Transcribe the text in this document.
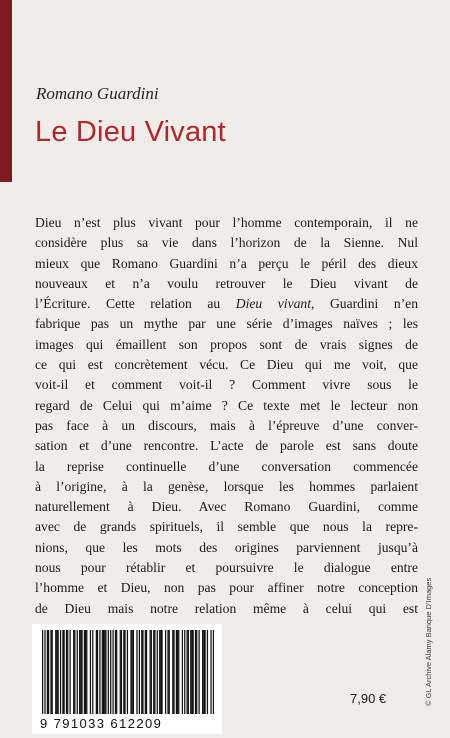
Romano Guardini

Le Dieu Vivant
Dieu n’est plus vivant pour l’homme contemporain, il ne
considère plus sa vie dans l’horizon de la Sienne. Nul
mieux que Romano Guardini n’a perçu le péril des dieux
nouveaux et n’a voulu retrouver le Dieu vivant de
l’Écriture. Cette relation au Dieu vivant, Guardini n’en
fabrique pas un mythe par une série d’images naïves ; les
images qui émaillent son propos sont de vrais signes de
ce qui est concrètement vécu. Ce Dieu qui me voit, que
voit-il et comment voit-il ? Comment vivre sous le
regard de Celui qui m’aime ? Ce texte met le lecteur non
pas face à un discours, mais à l’épreuve d’une conver-
sation et d’une rencontre. L’acte de parole est sans doute
la reprise continuelle d’une conversation commencée
à l’origine, à la genèse, lorsque les hommes parlaient
naturellement à Dieu. Avec Romano Guardini, comme
avec de grands spirituels, il semble que nous la repre-
nions, que les mots des origines parviennent jusqu’à
nous pour rétablir et poursuivre le dialogue entre
l’homme et Dieu, non pas pour affiner notre conception
de Dieu mais notre relation même à celui qui est
9 791033 612209
7,90 €	© GL Archive Alamy Banque D’Images
